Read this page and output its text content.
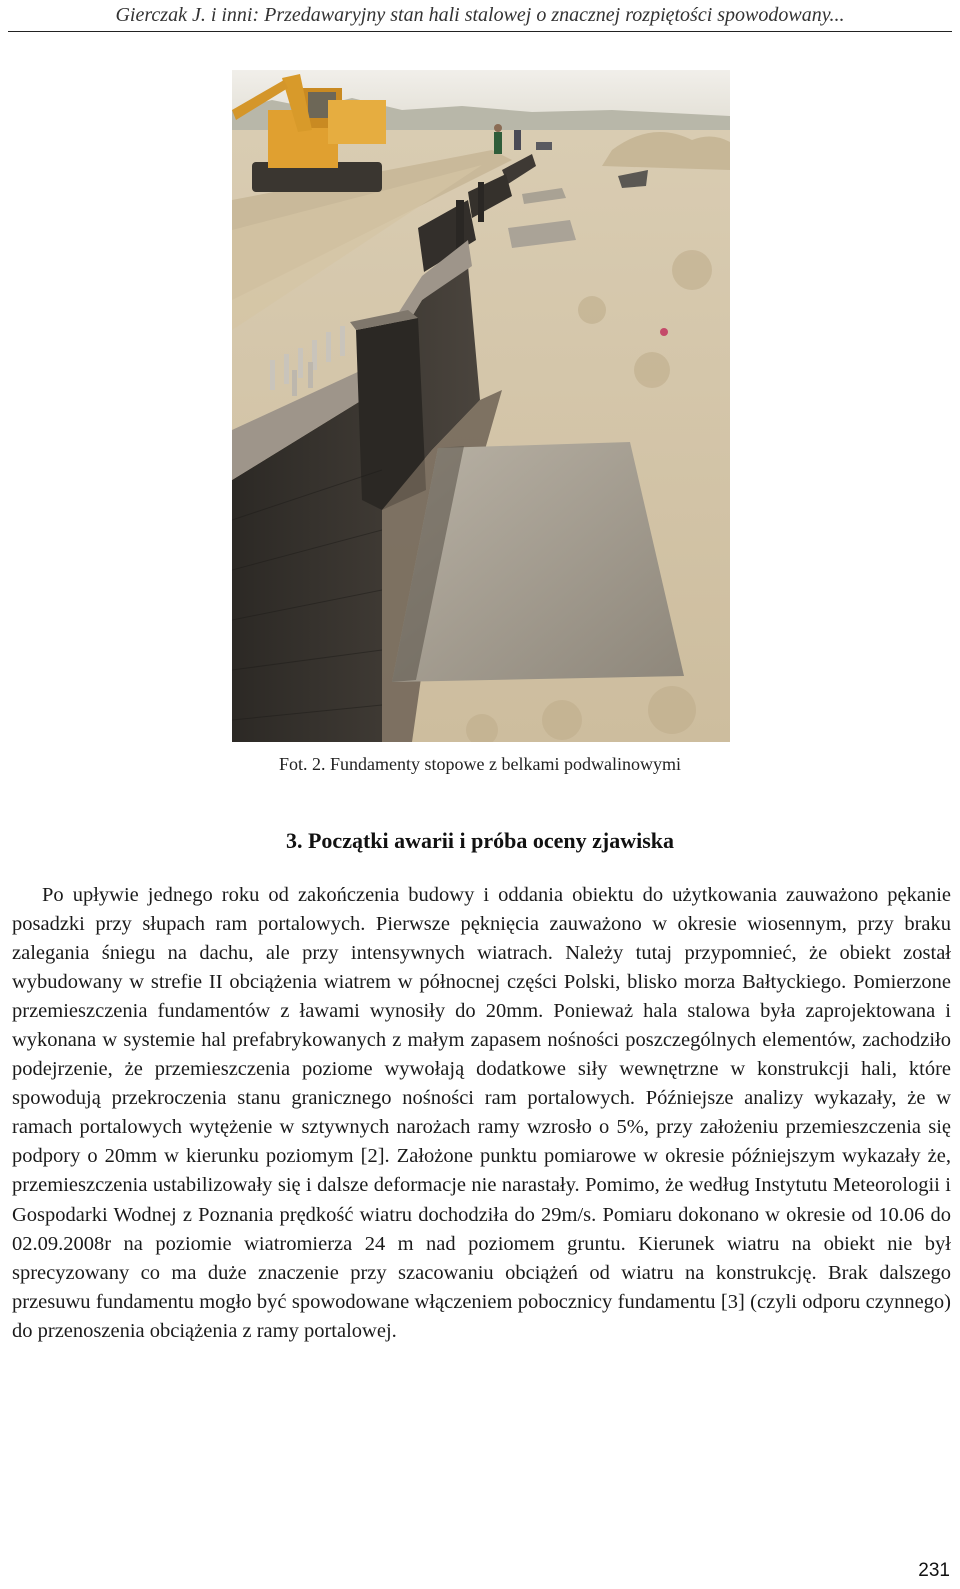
Gierczak J. i inni: Przedawaryjny stan hali stalowej o znacznej rozpiętości spowodowany...
Fot. 2. Fundamenty stopowe z belkami podwalinowymi
3. Początki awarii i próba oceny zjawiska

Po upływie jednego roku od zakończenia budowy i oddania obiektu do użytkowania zauważono pękanie posadzki przy słupach ram portalowych. Pierwsze pęknięcia zauważono w okresie wiosennym, przy braku zalegania śniegu na dachu, ale przy intensywnych wiatrach. Należy tutaj przypomnieć, że obiekt został wybudowany w strefie II obciążenia wiatrem w północnej części Polski, blisko morza Bałtyckiego. Pomierzone przemieszczenia fundamentów z ławami wynosiły do 20mm. Ponieważ hala stalowa była zaprojektowana i wykonana w systemie hal prefabrykowanych z małym zapasem nośności poszczególnych elementów, zachodziło podejrzenie, że przemieszczenia poziome wywołają dodatkowe siły wewnętrzne w konstrukcji hali, które spowodują przekroczenia stanu granicznego nośności ram portalowych. Późniejsze analizy wykazały, że w ramach portalowych wytężenie w sztywnych narożach ramy wzrosło o 5%, przy założeniu przemieszczenia się podpory o 20mm w kierunku poziomym [2]. Założone punktu pomiarowe w okresie późniejszym wykazały że, przemieszczenia ustabilizowały się i dalsze deformacje nie narastały. Pomimo, że według Instytutu Meteorologii i Gospodarki Wodnej z Poznania prędkość wiatru dochodziła do 29m/s. Pomiaru dokonano w okresie od 10.06 do 02.09.2008r na poziomie wiatromierza 24 m nad poziomem gruntu. Kierunek wiatru na obiekt nie był sprecyzowany co ma duże znaczenie przy szacowaniu obciążeń od wiatru na konstrukcję. Brak dalszego przesuwu fundamentu mogło być spowodowane włączeniem pobocznicy fundamentu [3] (czyli odporu czynnego) do przenoszenia obciążenia z ramy portalowej.

231
